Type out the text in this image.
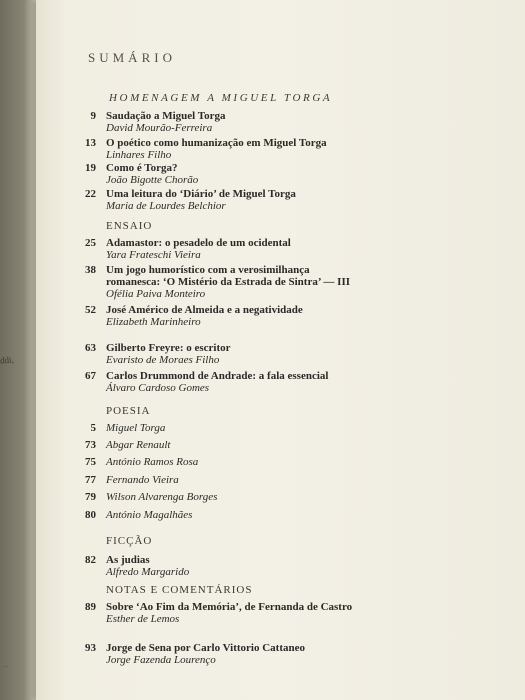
ddi,
...
SUMÁRIO
HOMENAGEM A MIGUEL TORGA
9 Saudação a Miguel Torga
David Mourão-Ferreira
13 O poético como humanização em Miguel Torga
Linhares Filho
19 Como é Torga?
João Bigotte Chorão
22 Uma leitura do ‘Diário’ de Miguel Torga
Maria de Lourdes Belchior
ENSAIO
25 Adamastor: o pesadelo de um ocidental
Yara Frateschi Vieira
38 Um jogo humorístico com a verosimilhança
romanesca: ‘O Mistério da Estrada de Sintra’ — III
Ofélia Paiva Monteiro
52 José Américo de Almeida e a negatividade
Elizabeth Marinheiro
63 Gilberto Freyre: o escritor
Evaristo de Moraes Filho
67 Carlos Drummond de Andrade: a fala essencial
Álvaro Cardoso Gomes
POESIA
5 Miguel Torga
73 Abgar Renault
75 António Ramos Rosa
77 Fernando Vieira
79 Wilson Alvarenga Borges
80 António Magalhães
FICÇÃO
82 As judias
Alfredo Margarido
NOTAS E COMENTÁRIOS
89 Sobre ‘Ao Fim da Memória’, de Fernanda de Castro
Esther de Lemos
93 Jorge de Sena por Carlo Vittorio Cattaneo
Jorge Fazenda Lourenço
